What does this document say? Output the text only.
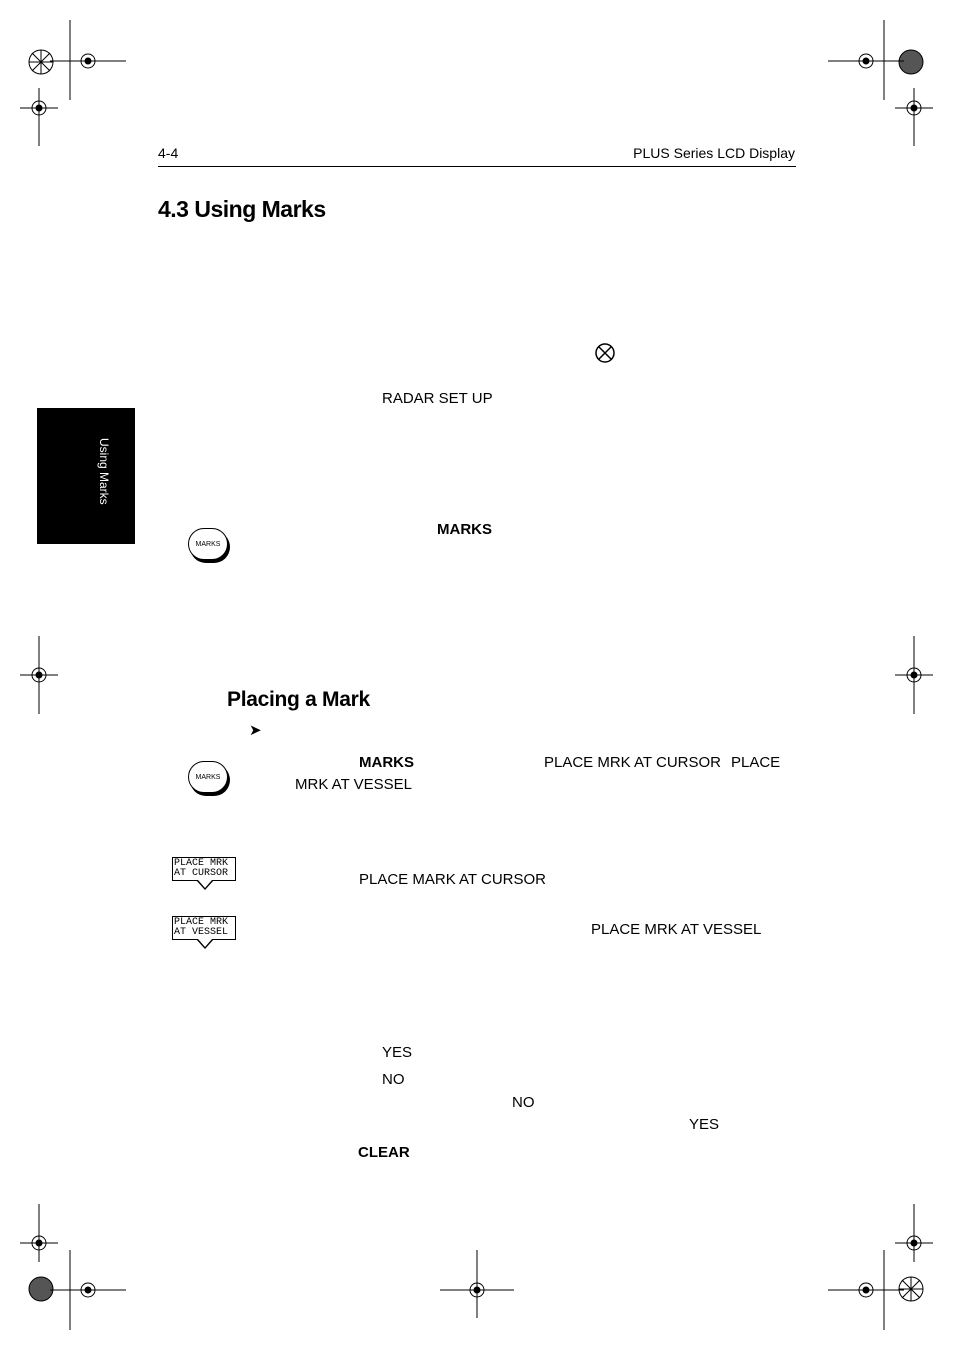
4-4	PLUS Series LCD Display
4.3 Using Marks
Using Marks
RADAR SET UP
MARKS
MARKS
Placing a Mark
➤
MARKS
MARKS	PLACE MRK AT CURSOR PLACE
MRK AT VESSEL
PLACE MRK
AT CURSOR	PLACE MARK AT CURSOR
PLACE MRK
AT VESSEL	PLACE MRK AT VESSEL
YES
NO
NO
YES
CLEAR
